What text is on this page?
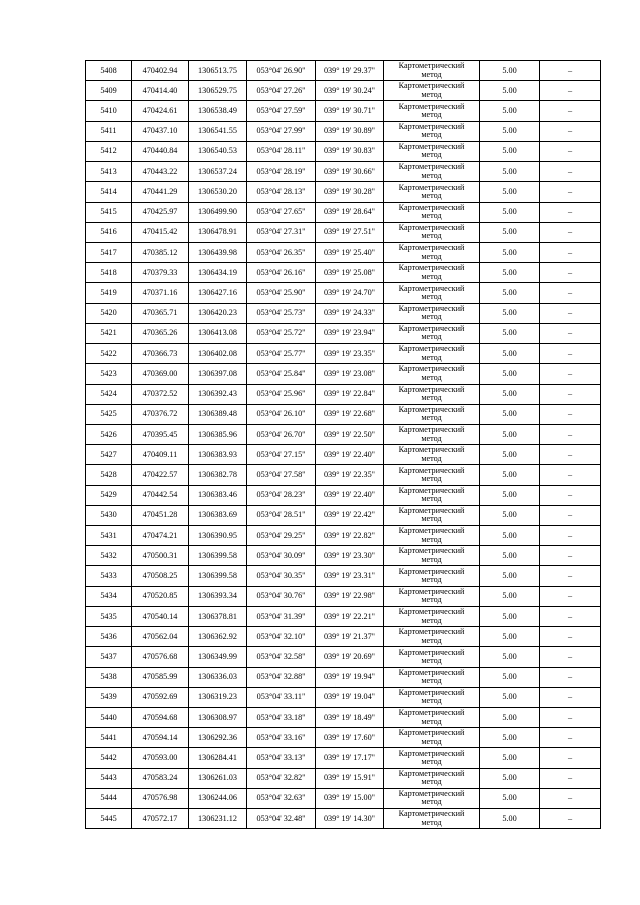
5408	470402.94	1306513.75	053°04' 26.90"	039° 19' 29.37"	Картометрический
метод	5.00	–
5409	470414.40	1306529.75	053°04' 27.26"	039° 19' 30.24"	Картометрический
метод	5.00	–
5410	470424.61	1306538.49	053°04' 27.59"	039° 19' 30.71"	Картометрический
метод	5.00	–
5411	470437.10	1306541.55	053°04' 27.99"	039° 19' 30.89"	Картометрический
метод	5.00	–
5412	470440.84	1306540.53	053°04' 28.11"	039° 19' 30.83"	Картометрический
метод	5.00	–
5413	470443.22	1306537.24	053°04' 28.19"	039° 19' 30.66"	Картометрический
метод	5.00	–
5414	470441.29	1306530.20	053°04' 28.13"	039° 19' 30.28"	Картометрический
метод	5.00	–
5415	470425.97	1306499.90	053°04' 27.65"	039° 19' 28.64"	Картометрический
метод	5.00	–
5416	470415.42	1306478.91	053°04' 27.31"	039° 19' 27.51"	Картометрический
метод	5.00	–
5417	470385.12	1306439.98	053°04' 26.35"	039° 19' 25.40"	Картометрический
метод	5.00	–
5418	470379.33	1306434.19	053°04' 26.16"	039° 19' 25.08"	Картометрический
метод	5.00	–
5419	470371.16	1306427.16	053°04' 25.90"	039° 19' 24.70"	Картометрический
метод	5.00	–
5420	470365.71	1306420.23	053°04' 25.73"	039° 19' 24.33"	Картометрический
метод	5.00	–
5421	470365.26	1306413.08	053°04' 25.72"	039° 19' 23.94"	Картометрический
метод	5.00	–
5422	470366.73	1306402.08	053°04' 25.77"	039° 19' 23.35"	Картометрический
метод	5.00	–
5423	470369.00	1306397.08	053°04' 25.84"	039° 19' 23.08"	Картометрический
метод	5.00	–
5424	470372.52	1306392.43	053°04' 25.96"	039° 19' 22.84"	Картометрический
метод	5.00	–
5425	470376.72	1306389.48	053°04' 26.10"	039° 19' 22.68"	Картометрический
метод	5.00	–
5426	470395.45	1306385.96	053°04' 26.70"	039° 19' 22.50"	Картометрический
метод	5.00	–
5427	470409.11	1306383.93	053°04' 27.15"	039° 19' 22.40"	Картометрический
метод	5.00	–
5428	470422.57	1306382.78	053°04' 27.58"	039° 19' 22.35"	Картометрический
метод	5.00	–
5429	470442.54	1306383.46	053°04' 28.23"	039° 19' 22.40"	Картометрический
метод	5.00	–
5430	470451.28	1306383.69	053°04' 28.51"	039° 19' 22.42"	Картометрический
метод	5.00	–
5431	470474.21	1306390.95	053°04' 29.25"	039° 19' 22.82"	Картометрический
метод	5.00	–
5432	470500.31	1306399.58	053°04' 30.09"	039° 19' 23.30"	Картометрический
метод	5.00	–
5433	470508.25	1306399.58	053°04' 30.35"	039° 19' 23.31"	Картометрический
метод	5.00	–
5434	470520.85	1306393.34	053°04' 30.76"	039° 19' 22.98"	Картометрический
метод	5.00	–
5435	470540.14	1306378.81	053°04' 31.39"	039° 19' 22.21"	Картометрический
метод	5.00	–
5436	470562.04	1306362.92	053°04' 32.10"	039° 19' 21.37"	Картометрический
метод	5.00	–
5437	470576.68	1306349.99	053°04' 32.58"	039° 19' 20.69"	Картометрический
метод	5.00	–
5438	470585.99	1306336.03	053°04' 32.88"	039° 19' 19.94"	Картометрический
метод	5.00	–
5439	470592.69	1306319.23	053°04' 33.11"	039° 19' 19.04"	Картометрический
метод	5.00	–
5440	470594.68	1306308.97	053°04' 33.18"	039° 19' 18.49"	Картометрический
метод	5.00	–
5441	470594.14	1306292.36	053°04' 33.16"	039° 19' 17.60"	Картометрический
метод	5.00	–
5442	470593.00	1306284.41	053°04' 33.13"	039° 19' 17.17"	Картометрический
метод	5.00	–
5443	470583.24	1306261.03	053°04' 32.82"	039° 19' 15.91"	Картометрический
метод	5.00	–
5444	470576.98	1306244.06	053°04' 32.63"	039° 19' 15.00"	Картометрический
метод	5.00	–
5445	470572.17	1306231.12	053°04' 32.48"	039° 19' 14.30"	Картометрический
метод	5.00	–
